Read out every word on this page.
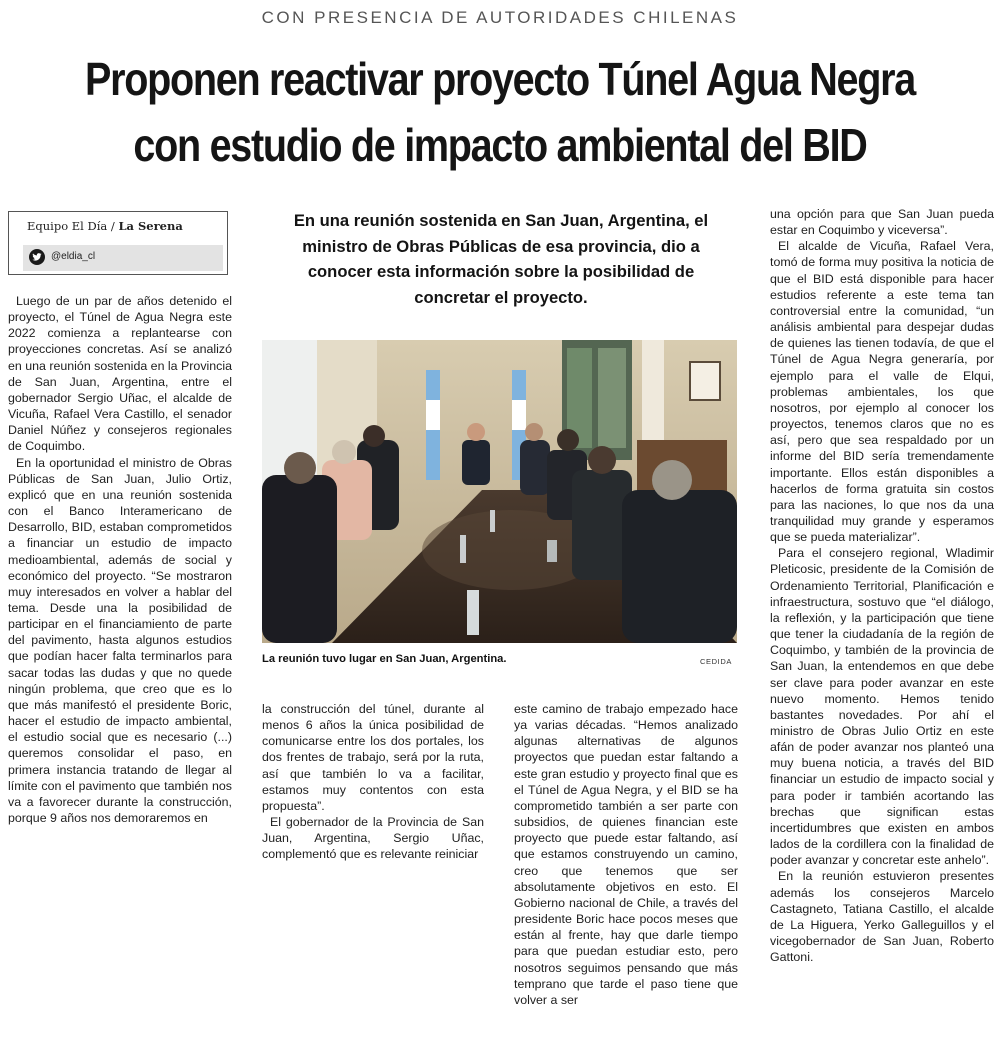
CON PRESENCIA DE AUTORIDADES CHILENAS
Proponen reactivar proyecto Túnel Agua Negra
con estudio de impacto ambiental del BID
Equipo El Día / La Serena
@eldia_cl

Luego de un par de años detenido el proyecto, el Túnel de Agua Negra este 2022 comienza a replantearse con proyecciones concretas. Así se analizó en una reunión sostenida en la Provincia de San Juan, Argentina, entre el gobernador Sergio Uñac, el alcalde de Vicuña, Rafael Vera Castillo, el senador Daniel Núñez y consejeros regionales de Coquimbo.

En la oportunidad el ministro de Obras Públicas de San Juan, Julio Ortiz, explicó que en una reunión sostenida con el Banco Interamericano de Desarrollo, BID, estaban comprometidos a financiar un estudio de impacto medioambiental, además de social y económico del proyecto. “Se mostraron muy interesados en volver a hablar del tema. Desde una la posibilidad de participar en el financiamiento de parte del pavimento, hasta algunos estudios que podían hacer falta terminarlos para sacar todas las dudas y que no quede ningún problema, que creo que es lo que más manifestó el presidente Boric, hacer el estudio de impacto ambiental, el estudio social que es necesario (...) queremos consolidar el paso, en primera instancia tratando de llegar al límite con el pavimento que también nos va a favorecer durante la construcción, porque 9 años nos demoraremos en

En una reunión sostenida en San Juan, Argentina, el ministro de Obras Públicas de esa provincia, dio a conocer esta información sobre la posibilidad de concretar el proyecto.
La reunión tuvo lugar en San Juan, Argentina.	CEDIDA

la construcción del túnel, durante al menos 6 años la única posibilidad de comunicarse entre los dos portales, los dos frentes de trabajo, será por la ruta, así que también lo va a facilitar, estamos muy contentos con esta propuesta”.

El gobernador de la Provincia de San Juan, Argentina, Sergio Uñac, complementó que es relevante reiniciar

este camino de trabajo empezado hace ya varias décadas. “Hemos analizado algunas alternativas de algunos proyectos que puedan estar faltando a este gran estudio y proyecto final que es el Túnel de Agua Negra, y el BID se ha comprometido también a ser parte con subsidios, de quienes financian este proyecto que puede estar faltando, así que estamos construyendo un camino, creo que tenemos que ser absolutamente objetivos en esto. El Gobierno nacional de Chile, a través del presidente Boric hace pocos meses que están al frente, hay que darle tiempo para que puedan estudiar esto, pero nosotros seguimos pensando que más temprano que tarde el paso tiene que volver a ser

una opción para que San Juan pueda estar en Coquimbo y viceversa”.

El alcalde de Vicuña, Rafael Vera, tomó de forma muy positiva la noticia de que el BID está disponible para hacer estudios referente a este tema tan controversial entre la comunidad, “un análisis ambiental para despejar dudas de quienes las tienen todavía, de que el Túnel de Agua Negra generaría, por ejemplo para el valle de Elqui, problemas ambientales, los que nosotros, por ejemplo al conocer los proyectos, tenemos claros que no es así, pero que sea respaldado por un informe del BID sería tremendamente importante. Ellos están disponibles a hacerlos de forma gratuita sin costos para las naciones, lo que nos da una tranquilidad muy grande y esperamos que se pueda materializar”.

Para el consejero regional, Wladimir Pleticosic, presidente de la Comisión de Ordenamiento Territorial, Planificación e infraestructura, sostuvo que “el diálogo, la reflexión, y la participación que tiene que tener la ciudadanía de la región de Coquimbo, y también de la provincia de San Juan, la entendemos en que debe ser clave para poder avanzar en este nuevo momento. Hemos tenido bastantes novedades. Por ahí el ministro de Obras Julio Ortiz en este afán de poder avanzar nos planteó una muy buena noticia, a través del BID financiar un estudio de impacto social y para poder ir también acortando las brechas que significan estas incertidumbres que existen en ambos lados de la cordillera con la finalidad de poder avanzar y concretar este anhelo”.

En la reunión estuvieron presentes además los consejeros Marcelo Castagneto, Tatiana Castillo, el alcalde de La Higuera, Yerko Galleguillos y el vicegobernador de San Juan, Roberto Gattoni.
